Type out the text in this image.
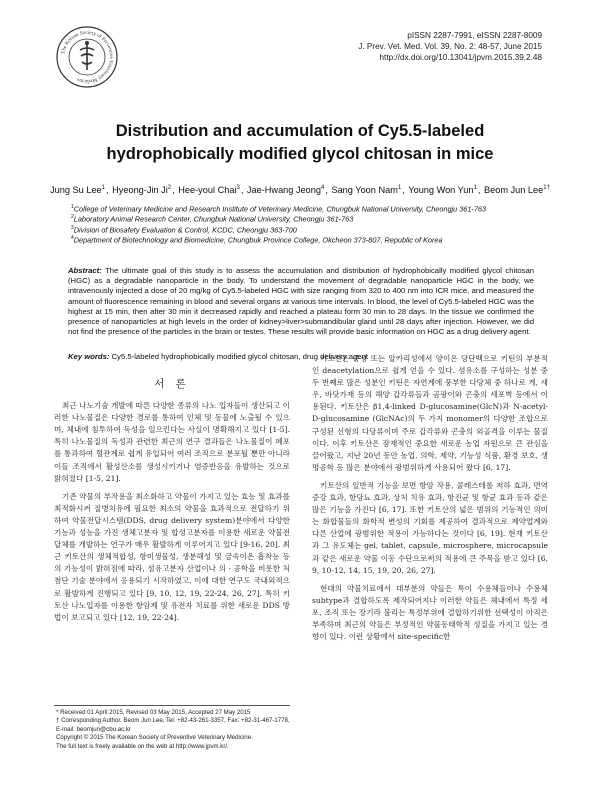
The Korean Society of Preventive Veterinary Medicine
pISSN 2287-7991, eISSN 2287-8009
J. Prev. Vet. Med. Vol. 39, No. 2: 48-57, June 2015
http://dx.doi.org/10.13041/jpvm.2015.39.2.48
Distribution and accumulation of Cy5.5-labeled
hydrophobically modified glycol chitosan in mice
Jung Su Lee$^1$, Hyeong-Jin Ji$^2$, Hee-youl Chai$^3$, Jae-Hwang Jeong$^4$, Sang Yoon Nam$^1$, Young Won Yun$^1$, Beom Jun Lee$^{1\dagger}$
$^1$College of Veterinary Medicine and Research Institute of Veterinary Medicine, Chungbuk National University, Cheongju 361-763
$^2$Laboratory Animal Research Center, Chungbuk National University, Cheongju 361-763
$^3$Division of Biosafety Evaluation & Control, KCDC, Cheongju 363-700
$^4$Department of Biotechnology and Biomedicine, Chungbuk Province College, Okcheon 373-807, Republic of Korea
Abstract: The ultimate goal of this study is to assess the accumulation and distribution of hydrophobically modified glycol chitosan (HGC) as a degradable nanoparticle in the body. To understand the movement of degradable nanoparticle HGC in the body, we intravenously injected a dose of 20 mg/kg of Cy5.5-labeled HGC with size ranging from 320 to 400 nm into ICR mice, and measured the amount of fluorescence remaining in blood and several organs at various time intervals. In blood, the level of Cy5.5-labeled HGC was the highest at 15 min, then after 30 min it decreased rapidly and reached a plateau form 30 min to 28 days. In the tissue we confirmed the presence of nanoparticles at high levels in the order of kidney>liver>submandibular gland until 28 days after injection. However, we did not find the presence of the particles in the brain or testes. These results will provide basic information on HGC as a drug delivery agent.
Key words: Cy5.5-labeled hydrophobically modified glycol chitosan, drug delivery agent
서 론

최근 나노기술 개발에 따른 다양한 종류의 나노 입자들이 생산되고 이러한 나노물질은 다양한 경로를 통하여 인체 및 동물에 노출될 수 있으며, 체내에 침투하여 독성을 일으킨다는 사실이 명확해지고 있다 [1-5]. 특히 나노물질의 독성과 관련한 최근의 연구 결과들은 나노물질이 폐포를 통과하여 혈관계로 쉽게 유입되어 여러 조직으로 분포될 뿐만 아니라 이들 조직에서 활성산소를 생성시키거나 염증반응을 유발하는 것으로 밝혀졌다 [1-5, 21].

기존 약물의 부작용을 최소화하고 약물이 가지고 있는 효능 및 효과를 최적화시켜 질병치유에 필요한 최소의 약물을 효과적으로 전달하기 위하여 약물전달시스템(DDS, drug delivery system)분야에서 다양한 기능과 성능을 가진 생체고분자 및 합성고분자를 이용한 새로운 약물전달체를 개발하는 연구가 매우 활발하게 이루어지고 있다 [9-16, 20]. 최근 키토산의 생체적합성, 항미생물성, 생분해성 및 금속이온 흡착능 등의 기능성이 밝혀짐에 따라, 섬유고분자 산업이나 의 · 공학을 비롯한 처첨단 기술 분야에서 응용되기 시작하였고, 이에 대한 연구도 국내외적으로 활발하게 진행되고 있다 [9, 10, 12, 19, 22-24, 26, 27]. 특히 키토산 나노입자를 이용한 항암제 및 유전자 치료를 위한 새로운 DDS 방법이 보고되고 있다 [12, 19, 22-24].

키토산은 중성 또는 알카리성에서 양이온 당단백으로 키틴의 부분적인 deacetylation으로 쉽게 얻을 수 있다. 섬유소를 구성하는 성분 중 두 번째로 많은 성분인 키틴은 자연계에 풍부한 다당체 중 하나로 게, 새우, 바닷가재 등의 해양 갑각류들과 곰팡이와 곤충의 세포벽 등에서 이용된다. 키토산은 β1,4-linked D-glucosamine(GlcN)과 N-acetyl-D-glucosamine (GlcNAc)의 두 가지 monomer의 다양한 조합으로 구성된 선형의 다당류이며 주로 갑각류와 곤충의 외골격을 이루는 물질이다. 이후 키토산은 잠재적인 중요한 새로운 농업 자원으로 큰 관심을 끌어왔고, 지난 20년 동안 농업, 의학, 제약, 기능성 식품, 환경 보호, 생명공학 등 많은 분야에서 광범위하게 사용되어 왔다 [6, 17].

키토산의 일반적 기능을 보면 항암 작용, 콜레스테롤 저하 효과, 면역증강 효과, 항당뇨 효과, 상처 치유 효과, 항진균 및 항균 효과 등과 같은 많은 기능을 가진다 [6, 17]. 또한 키토산의 넓은 범위의 기능적인 의미는 화합물들의 화학적 변성의 기회를 제공하여 결과적으로 제약업계와 다른 산업에 광범위한 적용이 가능하다는 것이다 [6, 19]. 현재 키토산과 그 유도체는 gel, tablet, capsule, microsphere, microcapsule과 같은 새로운 약물 이동 수단으로써의 적용에 큰 주목을 받고 있다 [6, 9, 10-12, 14, 15, 19, 20, 26, 27].

현대의 약물치료에서 대부분의 약들은 특이 수용체들이나 수용체 subtype과 결합하도록 제작되어지나 이러한 약들은 체내에서 특정 세포, 조직 또는 장기라 불리는 특정부위에 결합하기위한 선택성이 아직은 부족하며 최근의 약들은 부정적인 약물동태학적 성질을 가지고 있는 경향이 있다. 이런 상황에서 site-specific한

* Received 01 April 2015, Revised 03 May 2015, Accepted 27 May 2015
† Corresponding Author. Beom Jun Lee, Tel: +82-43-261-3357, Fax: +82-31-467-1778,
E-mail: beomjun@cbu.ac.kr
Copyright © 2015 The Korean Society of Preventive Veterinary Medicine.
The full text is freely available on the web at http://www.jpvm.kr/.
